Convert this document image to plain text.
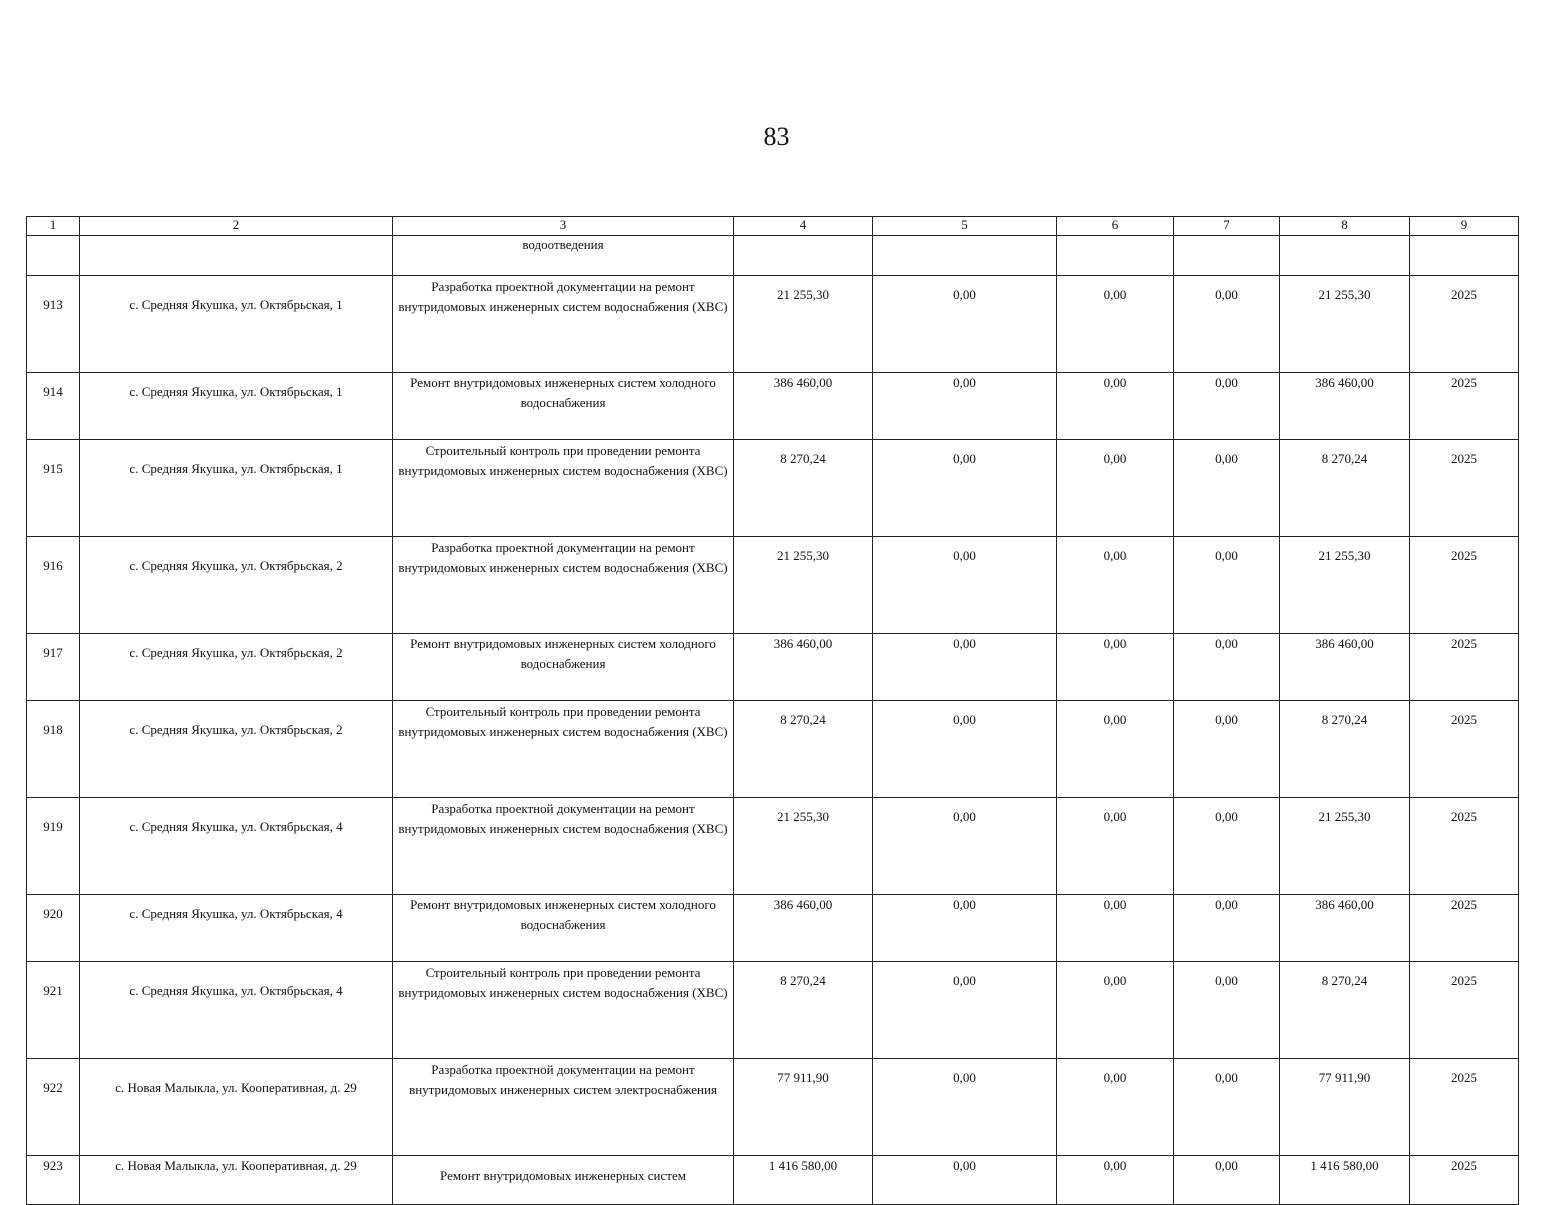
83
1	2	3	4	5	6	7	8	9
		водоотведения						
913	с. Средняя Якушка, ул. Октябрьская, 1	Разработка проектной документации на ремонт внутридомовых инженерных систем водоснабжения (ХВС)	21 255,30	0,00	0,00	0,00	21 255,30	2025
914	с. Средняя Якушка, ул. Октябрьская, 1	Ремонт внутридомовых инженерных систем холодного водоснабжения	386 460,00	0,00	0,00	0,00	386 460,00	2025
915	с. Средняя Якушка, ул. Октябрьская, 1	Строительный контроль при проведении ремонта внутридомовых инженерных систем водоснабжения (ХВС)	8 270,24	0,00	0,00	0,00	8 270,24	2025
916	с. Средняя Якушка, ул. Октябрьская, 2	Разработка проектной документации на ремонт внутридомовых инженерных систем водоснабжения (ХВС)	21 255,30	0,00	0,00	0,00	21 255,30	2025
917	с. Средняя Якушка, ул. Октябрьская, 2	Ремонт внутридомовых инженерных систем холодного водоснабжения	386 460,00	0,00	0,00	0,00	386 460,00	2025
918	с. Средняя Якушка, ул. Октябрьская, 2	Строительный контроль при проведении ремонта внутридомовых инженерных систем водоснабжения (ХВС)	8 270,24	0,00	0,00	0,00	8 270,24	2025
919	с. Средняя Якушка, ул. Октябрьская, 4	Разработка проектной документации на ремонт внутридомовых инженерных систем водоснабжения (ХВС)	21 255,30	0,00	0,00	0,00	21 255,30	2025
920	с. Средняя Якушка, ул. Октябрьская, 4	Ремонт внутридомовых инженерных систем холодного водоснабжения	386 460,00	0,00	0,00	0,00	386 460,00	2025
921	с. Средняя Якушка, ул. Октябрьская, 4	Строительный контроль при проведении ремонта внутридомовых инженерных систем водоснабжения (ХВС)	8 270,24	0,00	0,00	0,00	8 270,24	2025
922	с. Новая Малыкла, ул. Кооперативная, д. 29	Разработка проектной документации на ремонт внутридомовых инженерных систем электроснабжения	77 911,90	0,00	0,00	0,00	77 911,90	2025
923	с. Новая Малыкла, ул. Кооперативная, д. 29	Ремонт внутридомовых инженерных систем	1 416 580,00	0,00	0,00	0,00	1 416 580,00	2025
